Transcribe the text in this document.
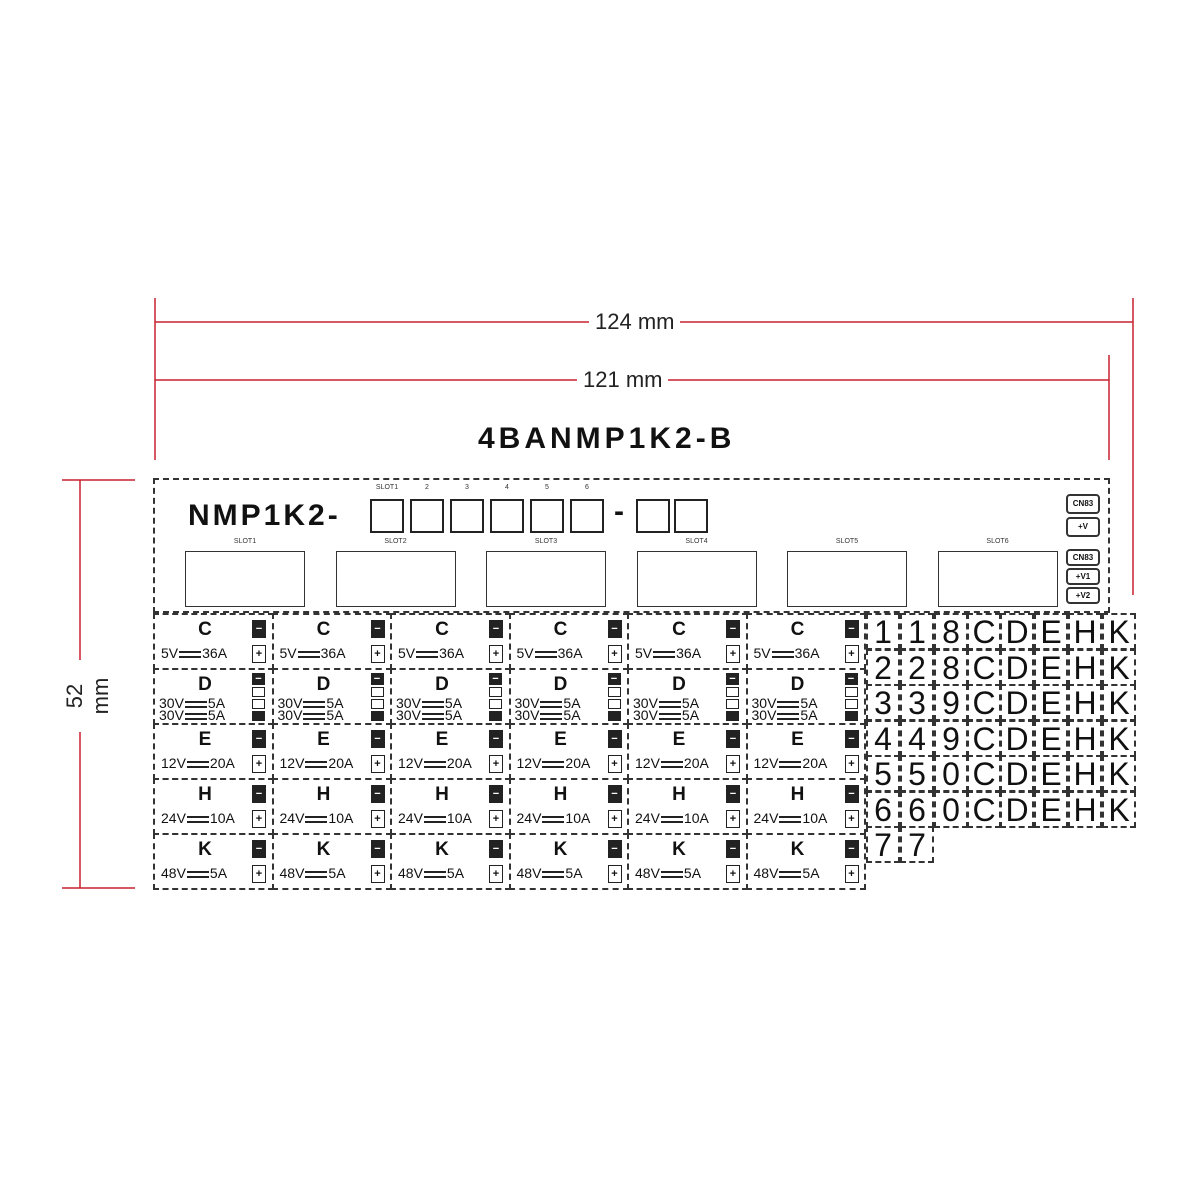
124 mm
121 mm
52 mm
4BANMP1K2-B
NMP1K2-
SLOT1	2	3	4	5	6
-
SLOT1	SLOT2	SLOT3	SLOT4	SLOT5	SLOT6
CN83
+V
CN83
+V1
+V2
C
5V 36A
−
+
C
5V 36A
−
+
C
5V 36A
−
+
C
5V 36A
−
+
C
5V 36A
−
+
C
5V 36A
−
+
D
30V 5A
30V 5A
−	D
30V 5A
30V 5A
−	D
30V 5A
30V 5A
−	D
30V 5A
30V 5A
−	D
30V 5A
30V 5A
−	D
30V 5A
30V 5A
−
E
12V 20A
−
+
E
12V 20A
−
+
E
12V 20A
−
+
E
12V 20A
−
+
E
12V 20A
−
+
E
12V 20A
−
+
H
24V 10A
−
+
H
24V 10A
−
+
H
24V 10A
−
+
H
24V 10A
−
+
H
24V 10A
−
+
H
24V 10A
−
+
K
48V 5A
−
+
K
48V 5A
−
+
K
48V 5A
−
+
K
48V 5A
−
+
K
48V 5A
−
+
K
48V 5A
−
+
1 1 8 C D E H K
2 2 8 C D E H K
3 3 9 C D E H K
4 4 9 C D E H K
5 5 0 C D E H K
6 6 0 C D E H K
7 7
